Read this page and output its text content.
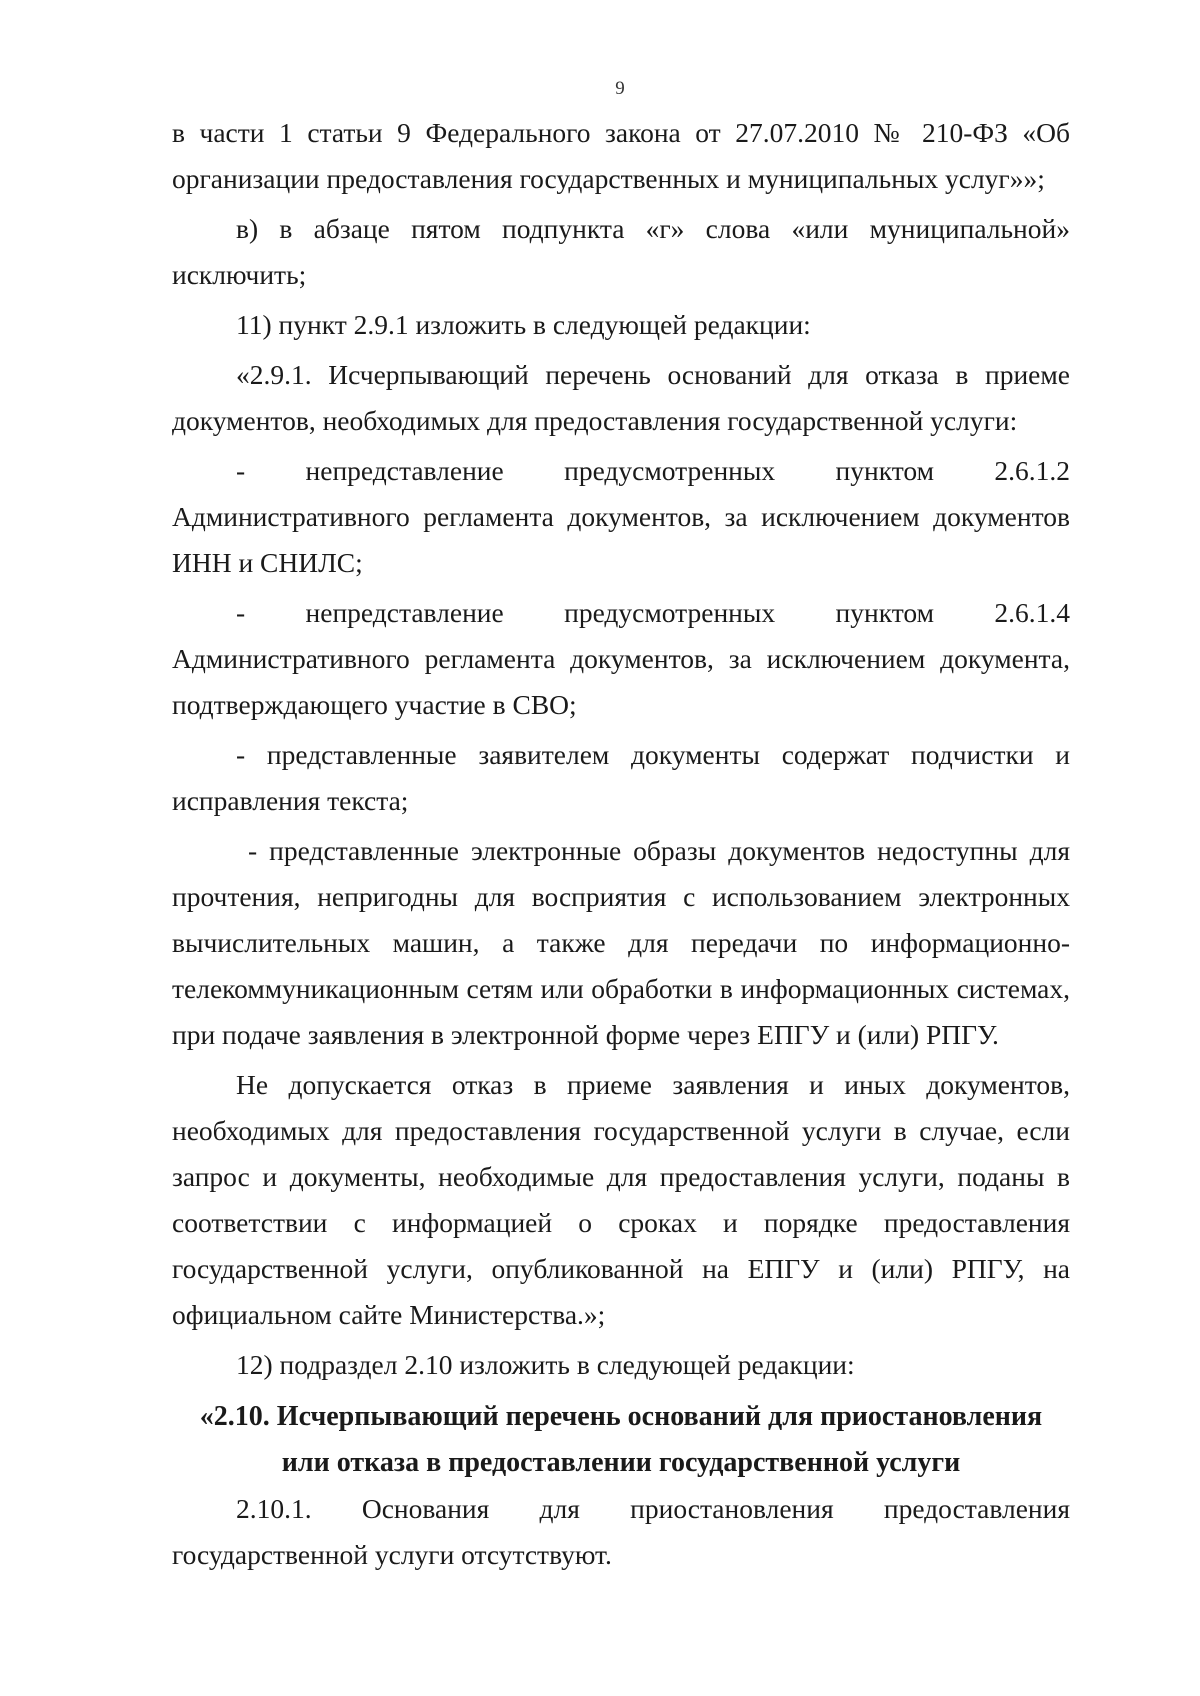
9

в части 1 статьи 9 Федерального закона от 27.07.2010 № 210-ФЗ «Об организации предоставления государственных и муниципальных услуг»»;

в) в абзаце пятом подпункта «г» слова «или муниципальной» исключить;

11) пункт 2.9.1 изложить в следующей редакции:

«2.9.1. Исчерпывающий перечень оснований для отказа в приеме документов, необходимых для предоставления государственной услуги:

- непредставление предусмотренных пунктом 2.6.1.2 Административного регламента документов, за исключением документов ИНН и СНИЛС;

- непредставление предусмотренных пунктом 2.6.1.4 Административного регламента документов, за исключением документа, подтверждающего участие в СВО;

- представленные заявителем документы содержат подчистки и исправления текста;

- представленные электронные образы документов недоступны для прочтения, непригодны для восприятия с использованием электронных вычислительных машин, а также для передачи по информационно-телекоммуникационным сетям или обработки в информационных системах, при подаче заявления в электронной форме через ЕПГУ и (или) РПГУ.

Не допускается отказ в приеме заявления и иных документов, необходимых для предоставления государственной услуги в случае, если запрос и документы, необходимые для предоставления услуги, поданы в соответствии с информацией о сроках и порядке предоставления государственной услуги, опубликованной на ЕПГУ и (или) РПГУ, на официальном сайте Министерства.»;

12) подраздел 2.10 изложить в следующей редакции:

«2.10. Исчерпывающий перечень оснований для приостановления
или отказа в предоставлении государственной услуги

2.10.1. Основания для приостановления предоставления государственной услуги отсутствуют.
